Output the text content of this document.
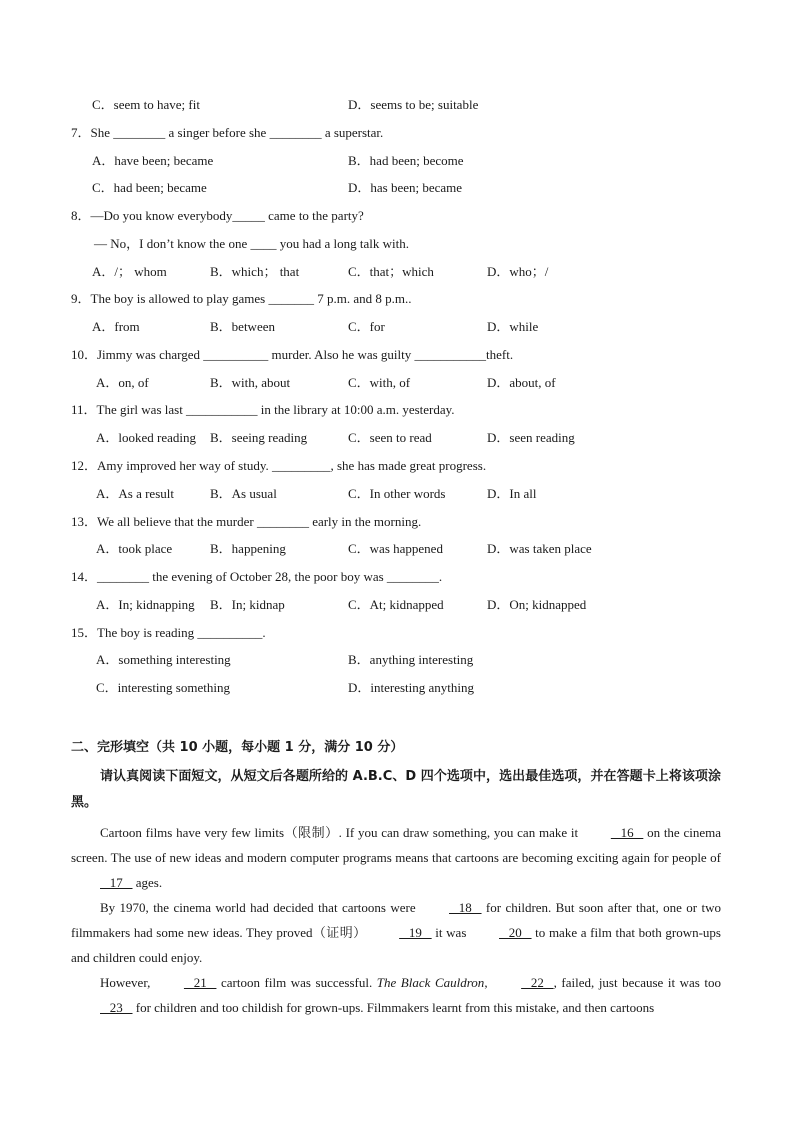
C．seem to have; fit	D．seems to be; suitable
7．She ________ a singer before she ________ a superstar.
A．have been; became	B．had been; become
C．had been; became	D．has been; became
8．—Do you know everybody_____ came to the party?
— No，I don’t know the one ____ you had a long talk with.
A．/； whom	B．which； that	C．that；which	D．who；/
9．The boy is allowed to play games _______ 7 p.m. and 8 p.m..
A．from	B．between	C．for	D．while
10．Jimmy was charged __________ murder. Also he was guilty ___________theft.
A．on, of	B．with, about	C．with, of	D．about, of
11．The girl was last ___________ in the library at 10:00 a.m. yesterday.
A．looked reading B．seeing reading	C．seen to read	D．seen reading
12．Amy improved her way of study. _________, she has made great progress.
A．As a result	B．As usual	C．In other words	D．In all
13．We all believe that the murder ________ early in the morning.
A．took place	B．happening	C．was happened	D．was taken place
14．________ the evening of October 28, the poor boy was ________.
A．In; kidnapping B．In; kidnap	C．At; kidnapped	D．On; kidnapped
15．The boy is reading __________.
A．something interesting	B．anything interesting
C．interesting something	D．interesting anything
二、完形填空（共 10 小题，每小题 1 分，满分 10 分）
请认真阅读下面短文，从短文后各题所给的 A.B.C、D 四个选项中，选出最佳选项，并在答题卡上将该项涂黑。

Cartoon films have very few limits（限制）. If you can draw something, you can make it    16    on the cinema screen. The use of new ideas and modern computer programs means that cartoons are becoming exciting again for people of    17    ages.

By 1970, the cinema world had decided that cartoons were    18    for children. But soon after that, one or two filmmakers had some new ideas. They proved（证明）    19    it was    20    to make a film that both grown-ups and children could enjoy.

However,    21    cartoon film was successful. The Black Cauldron,    22   , failed, just because it was too    23    for children and too childish for grown-ups. Filmmakers learnt from this mistake, and then cartoons
